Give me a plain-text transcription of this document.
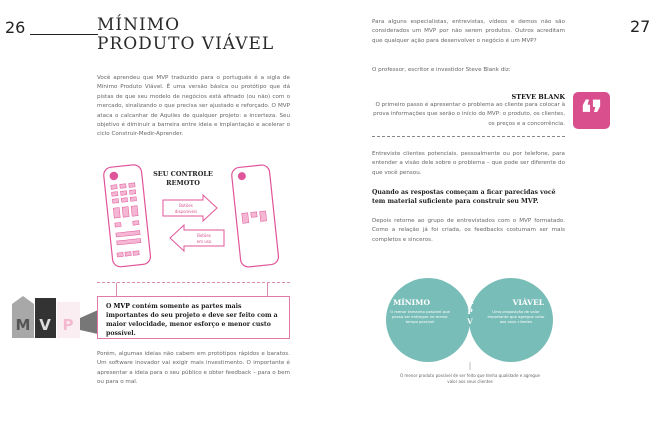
26	MÍNIMO
PRODUTO VIÁVEL
Você aprendeu que MVP traduzido para o português é a sigla de Mínimo Produto Viável. É uma versão básica ou protótipo que dá pistas de que seu modelo de negócios está afinado (ou não) com o mercado, sinalizando o que precisa ser ajustado e reforçado. O MVP ataca o calcanhar de Aquiles de qualquer projeto: a incerteza. Seu objetivo é diminuir a barreira entre ideia e implantação e acelerar o ciclo Construir-Medir-Aprender.
SEU CONTROLE
REMOTO
Botões
disponíveis
Botões
em uso
M V P
O MVP contém somente as partes mais importantes do seu projeto e deve ser feito com a maior velocidade, menor esforço e menor custo possível.
Porém, algumas ideias não cabem em protótipos rápidos e baratos. Um software inovador vai exigir mais investimento. O importante é apresentar a ideia para o seu público e obter feedback – para o bem ou para o mal.
27
Para alguns especialistas, entrevistas, vídeos e demos não são considerados um MVP por não serem produtos. Outros acreditam que qualquer ação para desenvolver o negócio é um MVP?
O professor, escritor e investidor Steve Blank diz:
STEVE BLANK
O primeiro passo é apresentar o problema ao cliente para colocar à prova informações que serão o início do MVP: o produto, os clientes, os preços e a concorrência. ❛❜
Entreviste clientes potenciais, pessoalmente ou por telefone, para entender a visão dele sobre o problema – que pode ser diferente do que você pensou.
Quando as respostas começam a ficar parecidas você tem material suficiente para construir seu MVP.
Depois retorne ao grupo de entrevistados com o MVP formatado. Como a relação já foi criada, os feedbacks costumam ser mais completos e sinceros.
MÍNIMO
O menor tamanho possível que possa ser entregue no menor tempo possível
VIÁVEL
Uma proposição de valor importante que agregue valor aos seus clientes
M
P
V
O menor produto possível de ser feito que tenha qualidade e agregue valor aos seus clientes
